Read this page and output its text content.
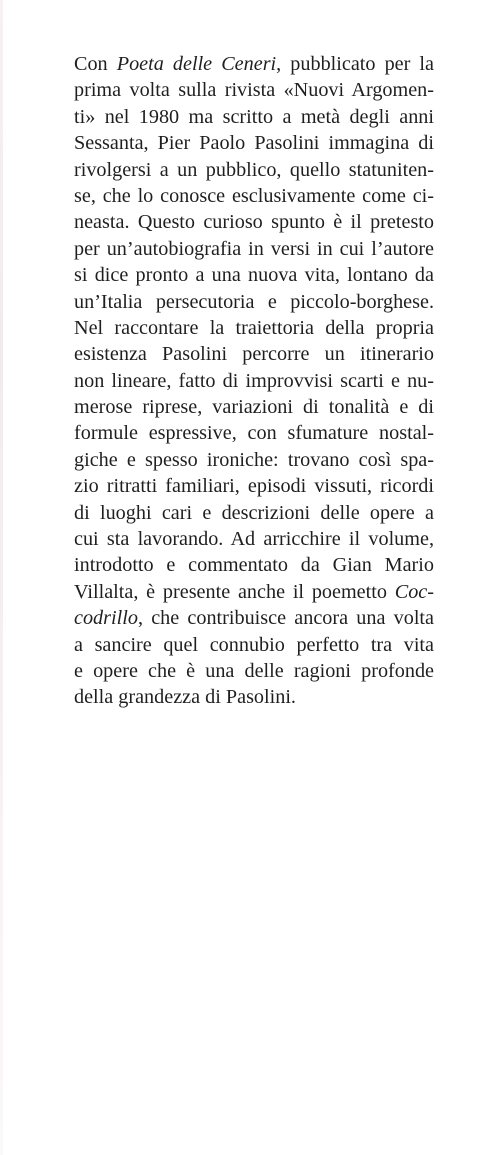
Con Poeta delle Ceneri, pubblicato per la
prima volta sulla rivista «Nuovi Argomen-
ti» nel 1980 ma scritto a metà degli anni
Sessanta, Pier Paolo Pasolini immagina di
rivolgersi a un pubblico, quello statuniten-
se, che lo conosce esclusivamente come ci-
neasta. Questo curioso spunto è il pretesto
per un’autobiografia in versi in cui l’autore
si dice pronto a una nuova vita, lontano da
un’Italia persecutoria e piccolo-borghese.
Nel raccontare la traiettoria della propria
esistenza Pasolini percorre un itinerario
non lineare, fatto di improvvisi scarti e nu-
merose riprese, variazioni di tonalità e di
formule espressive, con sfumature nostal-
giche e spesso ironiche: trovano così spa-
zio ritratti familiari, episodi vissuti, ricordi
di luoghi cari e descrizioni delle opere a
cui sta lavorando. Ad arricchire il volume,
introdotto e commentato da Gian Mario
Villalta, è presente anche il poemetto Coc-
codrillo, che contribuisce ancora una volta
a sancire quel connubio perfetto tra vita
e opere che è una delle ragioni profonde
della grandezza di Pasolini.
